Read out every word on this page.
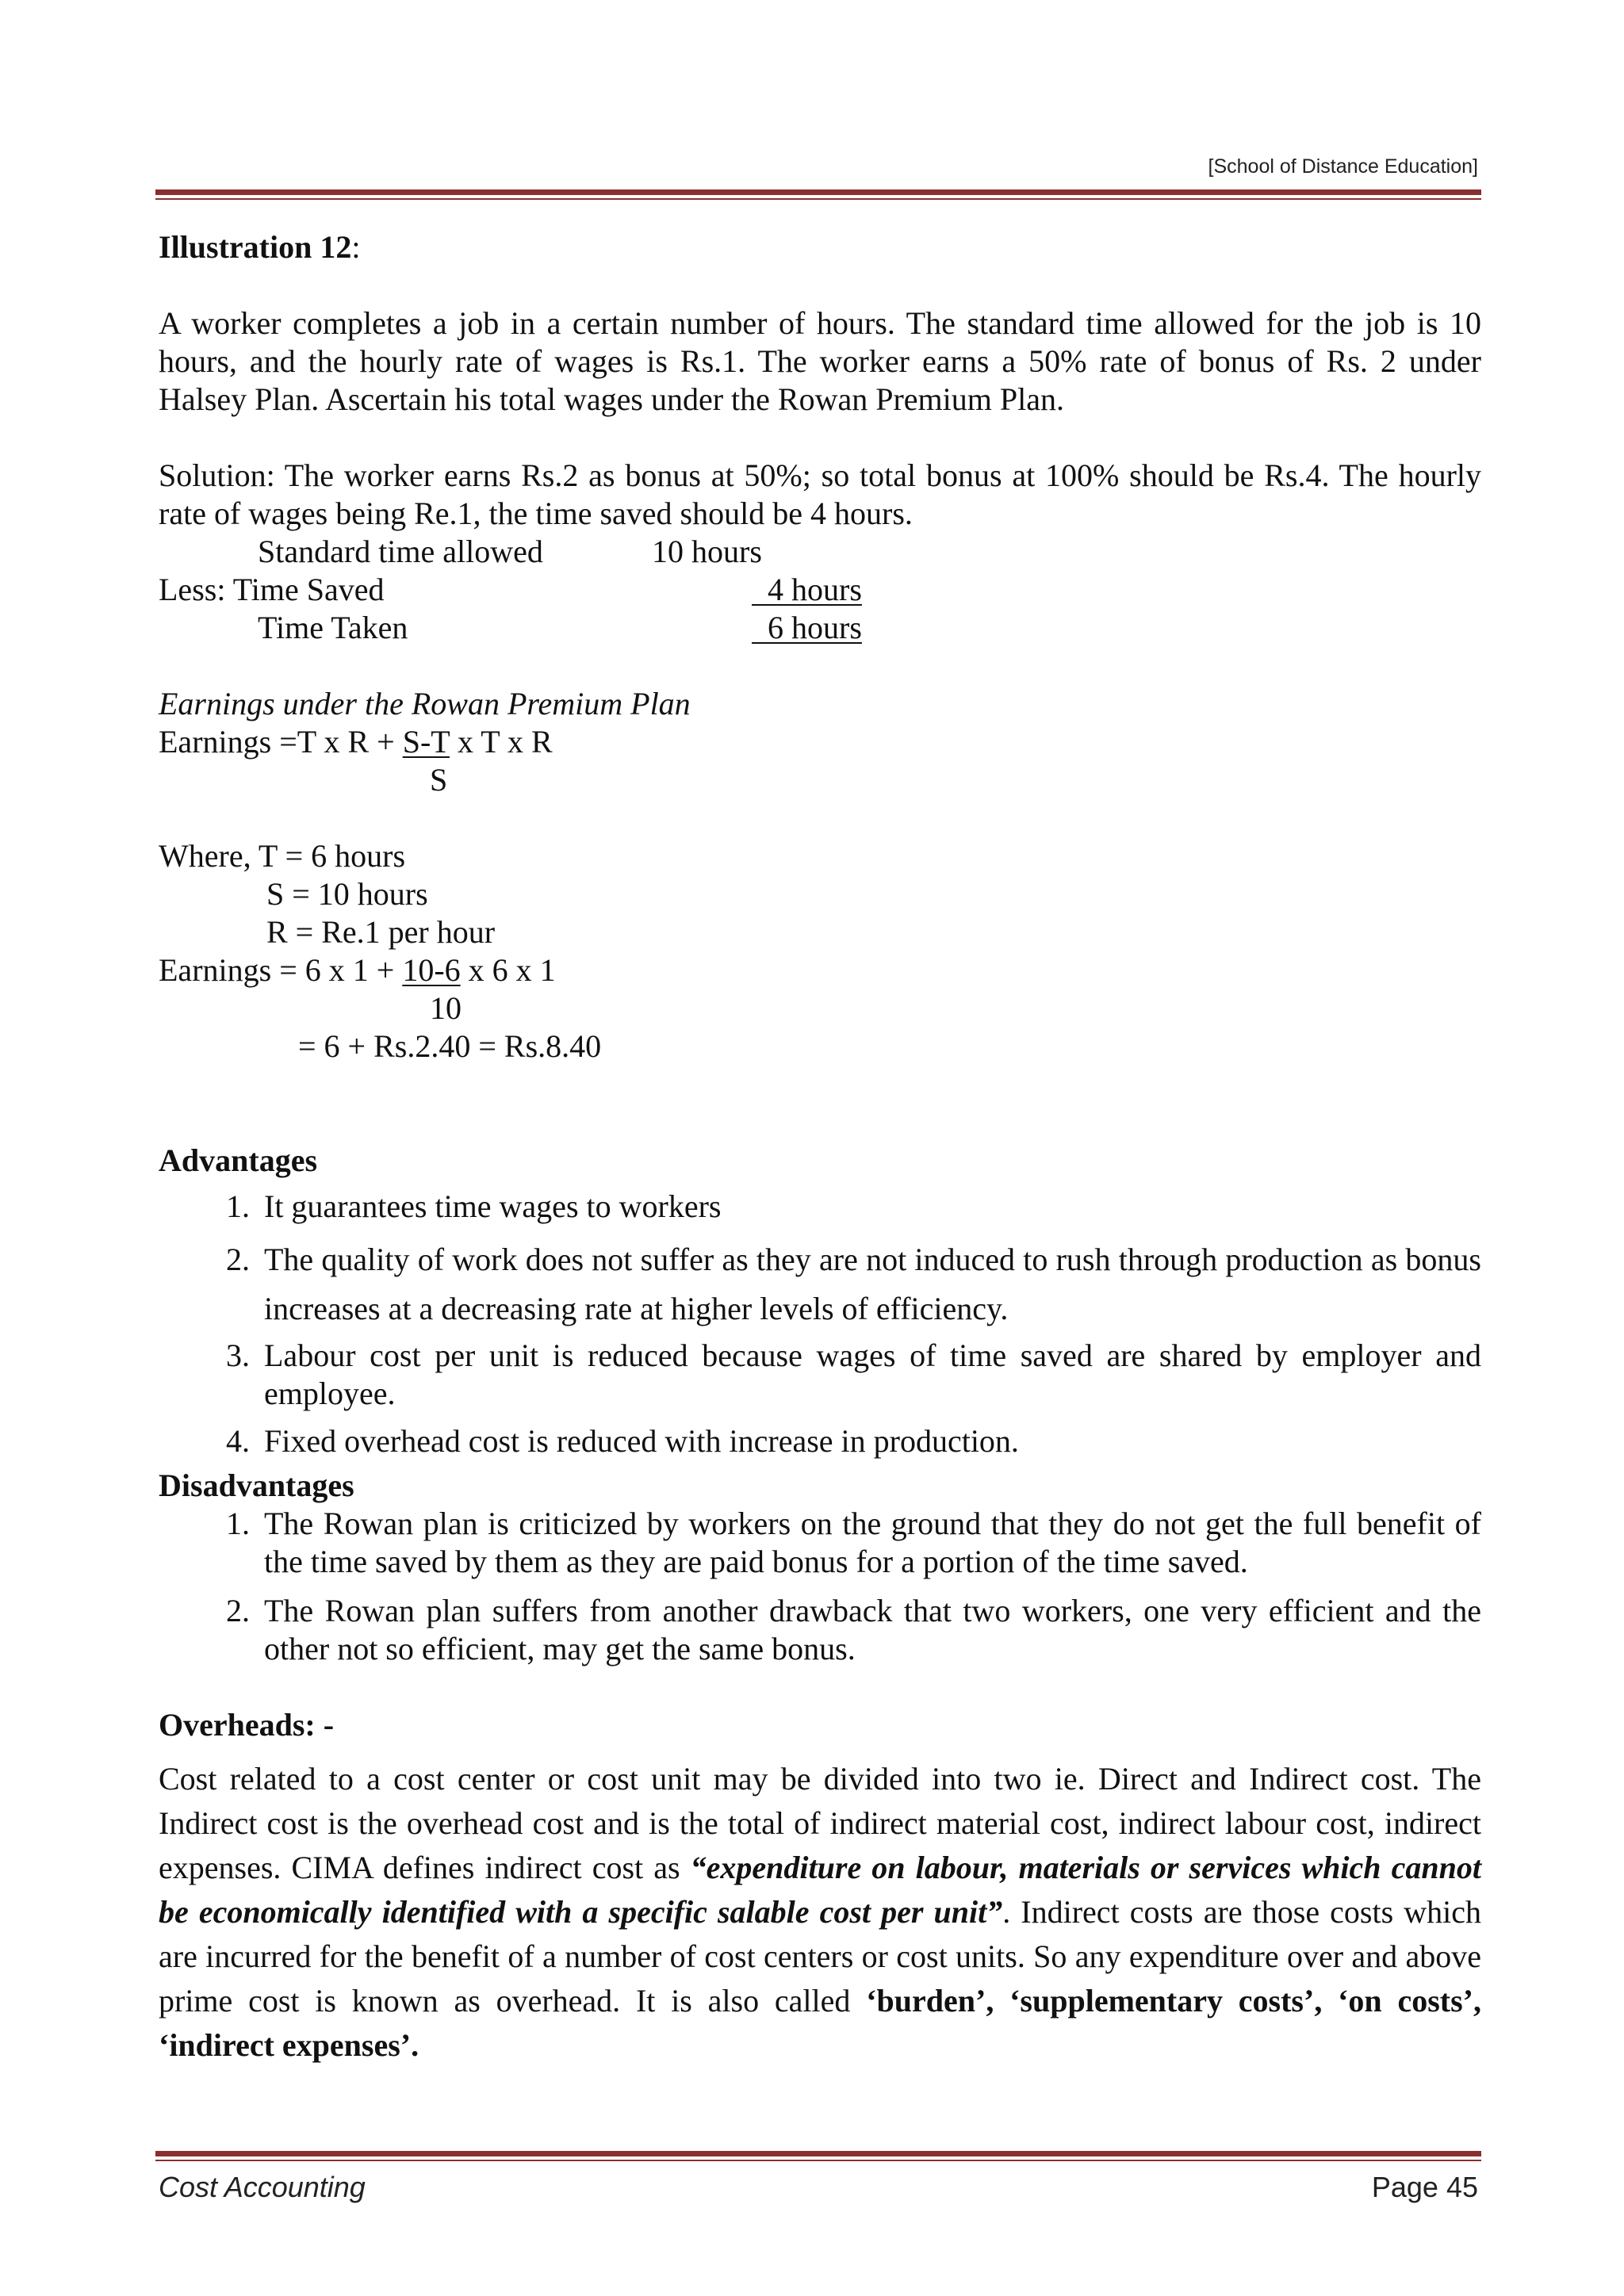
[School of Distance Education]

Illustration 12:

A worker completes a job in a certain number of hours. The standard time allowed for the job is 10 hours, and the hourly rate of wages is Rs.1. The worker earns a 50% rate of bonus of Rs. 2 under Halsey Plan. Ascertain his total wages under the Rowan Premium Plan.

Solution: The worker earns Rs.2 as bonus at 50%; so total bonus at 100% should be Rs.4. The hourly rate of wages being Re.1, the time saved should be 4 hours.

Standard time allowed	10 hours
Less: Time Saved	4 hours
Time Taken	6 hours

Earnings under the Rowan Premium Plan

Earnings =T x R + S-T x T x R
S
Where, T = 6 hours
S = 10 hours
R = Re.1 per hour
Earnings = 6 x 1 + 10-6 x 6 x 1
10
= 6 + Rs.2.40 = Rs.8.40

Advantages

1. It guarantees time wages to workers
2. The quality of work does not suffer as they are not induced to rush through production as bonus increases at a decreasing rate at higher levels of efficiency.
3. Labour cost per unit is reduced because wages of time saved are shared by employer and employee.
4. Fixed overhead cost is reduced with increase in production.

Disadvantages

1. The Rowan plan is criticized by workers on the ground that they do not get the full benefit of the time saved by them as they are paid bonus for a portion of the time saved.
2. The Rowan plan suffers from another drawback that two workers, one very efficient and the other not so efficient, may get the same bonus.

Overheads: -

Cost related to a cost center or cost unit may be divided into two ie. Direct and Indirect cost. The Indirect cost is the overhead cost and is the total of indirect material cost, indirect labour cost, indirect expenses. CIMA defines indirect cost as “expenditure on labour, materials or services which cannot be economically identified with a specific salable cost per unit”. Indirect costs are those costs which are incurred for the benefit of a number of cost centers or cost units. So any expenditure over and above prime cost is known as overhead. It is also called ‘burden’, ‘supplementary costs’, ‘on costs’, ‘indirect expenses’.

Cost Accounting	Page 45
